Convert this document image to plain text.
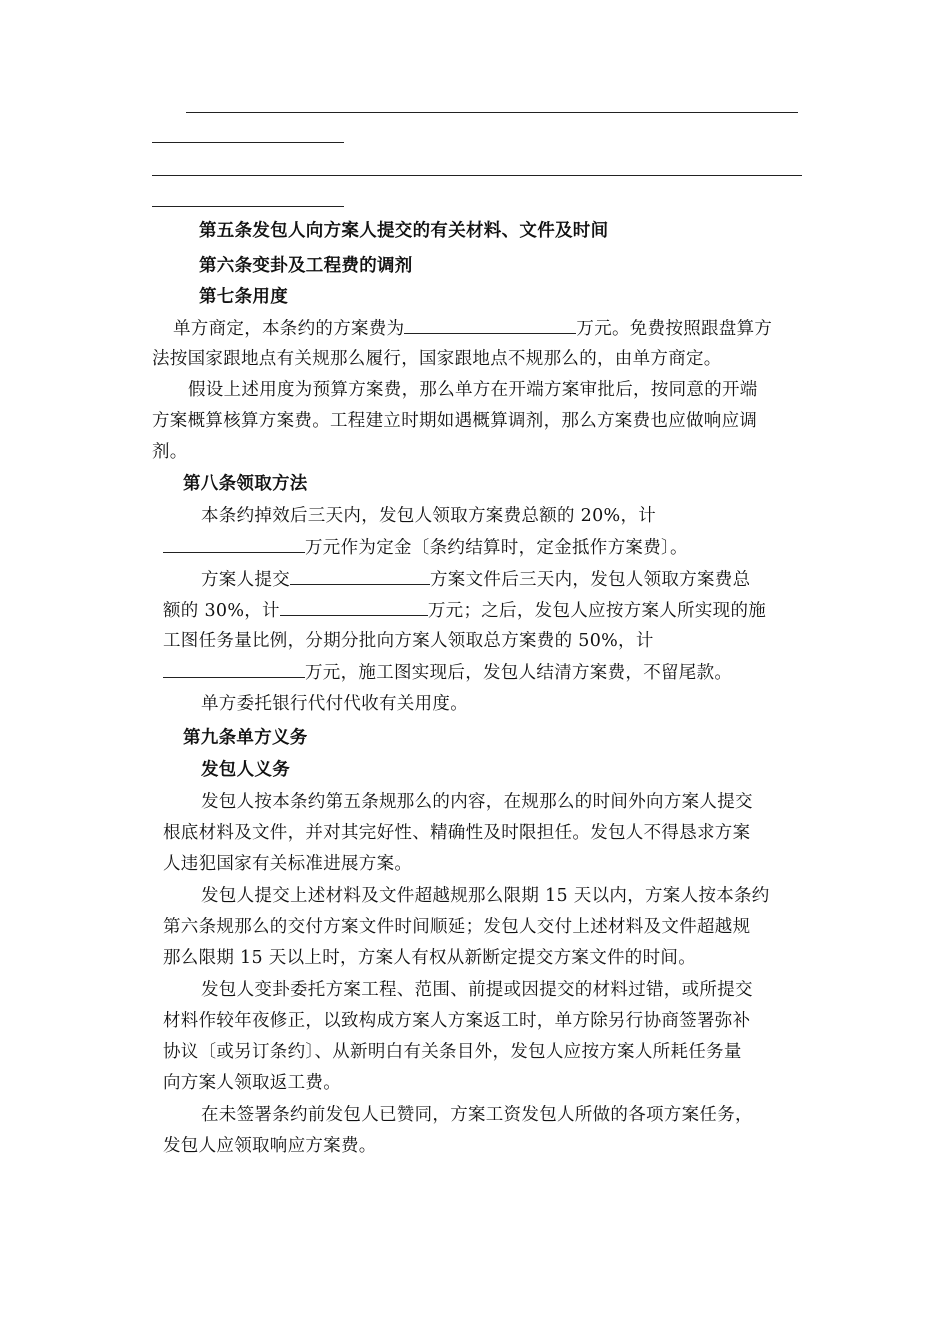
第五条发包人向方案人提交的有关材料、文件及时间
第六条变卦及工程费的调剂
第七条用度
单方商定，本条约的方案费为	万元。免费按照跟盘算方
法按国家跟地点有关规那么履行，国家跟地点不规那么的，由单方商定。
假设上述用度为预算方案费，那么单方在开端方案审批后，按同意的开端
方案概算核算方案费。工程建立时期如遇概算调剂，那么方案费也应做响应调
剂。
第八条领取方法
本条约掉效后三天内，发包人领取方案费总额的 20%，计
万元作为定金〔条约结算时，定金抵作方案费〕。
方案人提交	方案文件后三天内，发包人领取方案费总
额的 30%，计	万元；之后，发包人应按方案人所实现的施
工图任务量比例，分期分批向方案人领取总方案费的 50%，计
万元，施工图实现后，发包人结清方案费，不留尾款。
单方委托银行代付代收有关用度。
第九条单方义务
发包人义务
发包人按本条约第五条规那么的内容，在规那么的时间外向方案人提交
根底材料及文件，并对其完好性、精确性及时限担任。发包人不得恳求方案
人违犯国家有关标准进展方案。
发包人提交上述材料及文件超越规那么限期 15 天以内，方案人按本条约
第六条规那么的交付方案文件时间顺延；发包人交付上述材料及文件超越规
那么限期 15 天以上时，方案人有权从新断定提交方案文件的时间。
发包人变卦委托方案工程、范围、前提或因提交的材料过错，或所提交
材料作较年夜修正，以致构成方案人方案返工时，单方除另行协商签署弥补
协议〔或另订条约〕、从新明白有关条目外，发包人应按方案人所耗任务量
向方案人领取返工费。
在未签署条约前发包人已赞同，方案工资发包人所做的各项方案任务，
发包人应领取响应方案费。
